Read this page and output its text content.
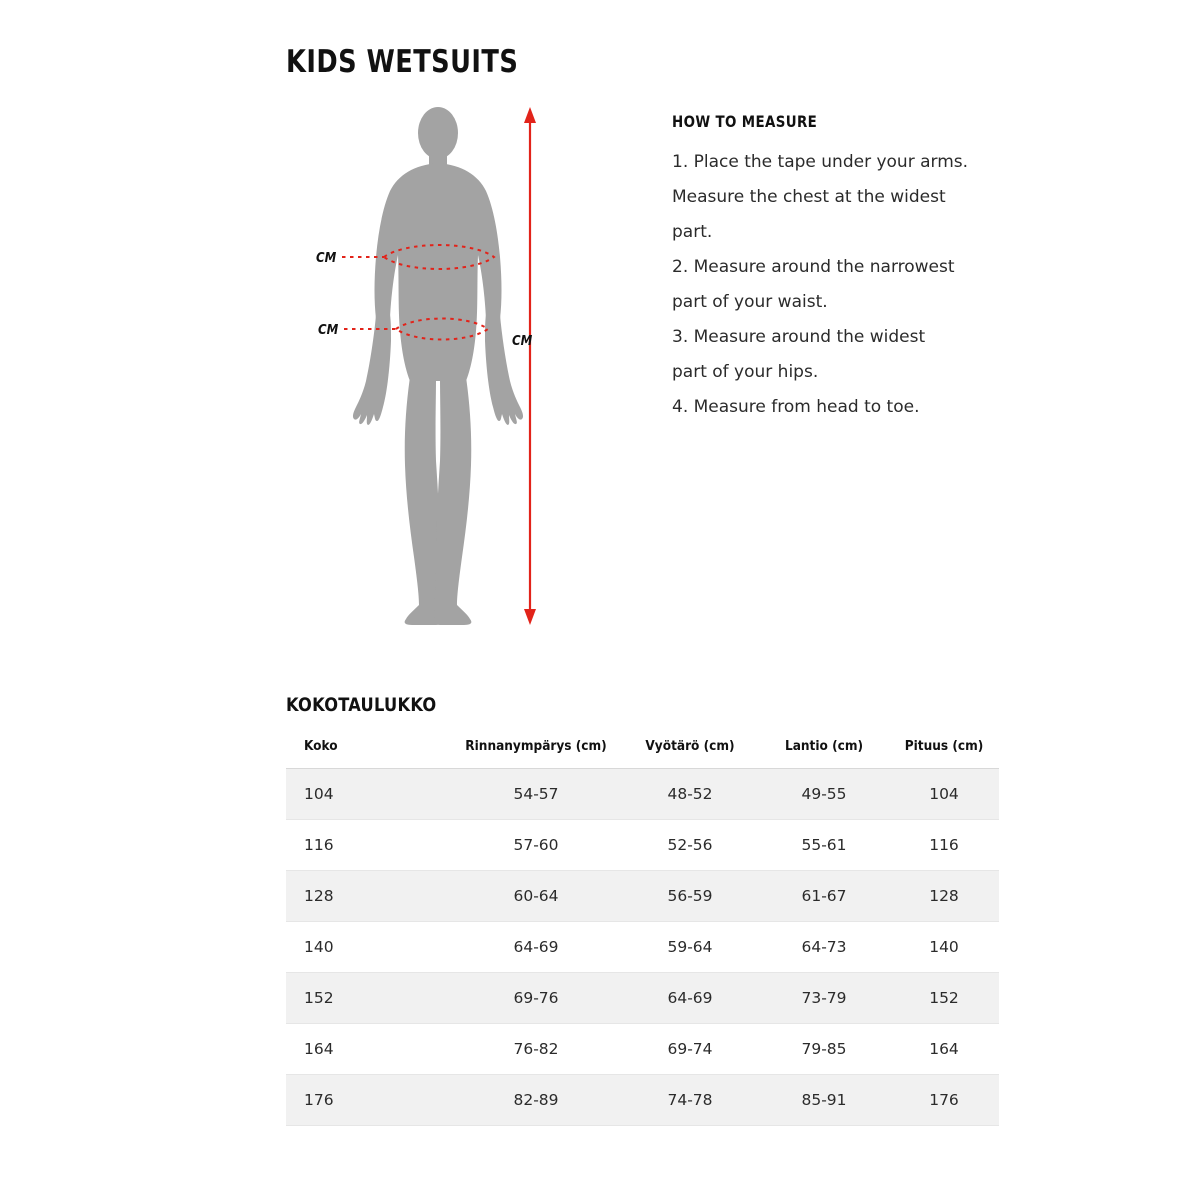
KIDS WETSUITS
CM
CM
CM
HOW TO MEASURE
1. Place the tape under your arms.
Measure the chest at the widest
part.
2. Measure around the narrowest
part of your waist.
3. Measure around the widest
part of your hips.
4. Measure from head to toe.
KOKOTAULUKKO
Koko	Rinnanympärys (cm)	Vyötärö (cm)	Lantio (cm)	Pituus (cm)
104	54-57	48-52	49-55	104
116	57-60	52-56	55-61	116
128	60-64	56-59	61-67	128
140	64-69	59-64	64-73	140
152	69-76	64-69	73-79	152
164	76-82	69-74	79-85	164
176	82-89	74-78	85-91	176
